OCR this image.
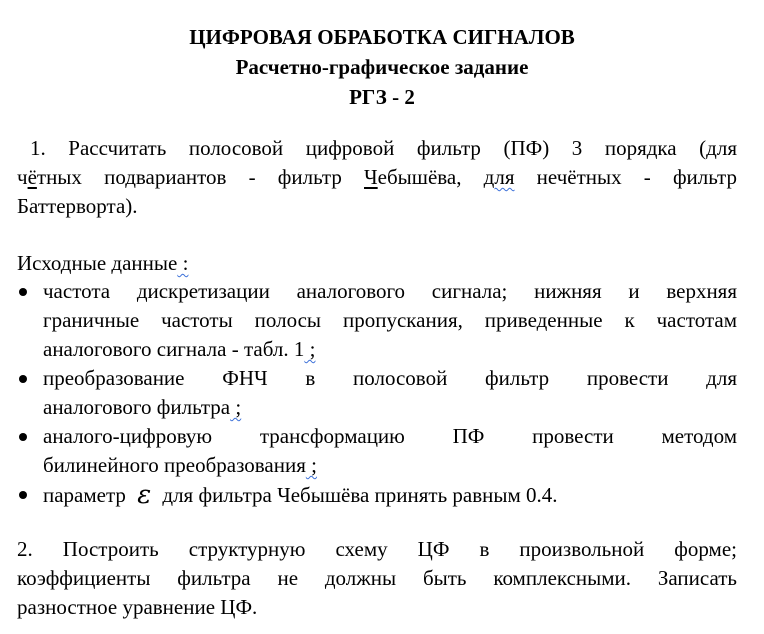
ЦИФРОВАЯ ОБРАБОТКА СИГНАЛОВ
Расчетно-графическое задание
РГЗ - 2
1. Рассчитать полосовой цифровой фильтр (ПФ) 3 порядка (для
чётных подвариантов - фильтр Чебышёва, для нечётных - фильтр
Баттерворта).
Исходные данные :
частота дискретизации аналогового сигнала; нижняя и верхняя
граничные частоты полосы пропускания, приведенные к частотам
аналогового сигнала - табл. 1 ;
преобразование ФНЧ в полосовой фильтр провести для
аналогового фильтра ;
аналого-цифровую трансформацию ПФ провести методом
билинейного преобразования ;
параметр ε для фильтра Чебышёва принять равным 0.4.
2. Построить структурную схему ЦФ в произвольной форме;
коэффициенты фильтра не должны быть комплексными. Записать
разностное уравнение ЦФ.
